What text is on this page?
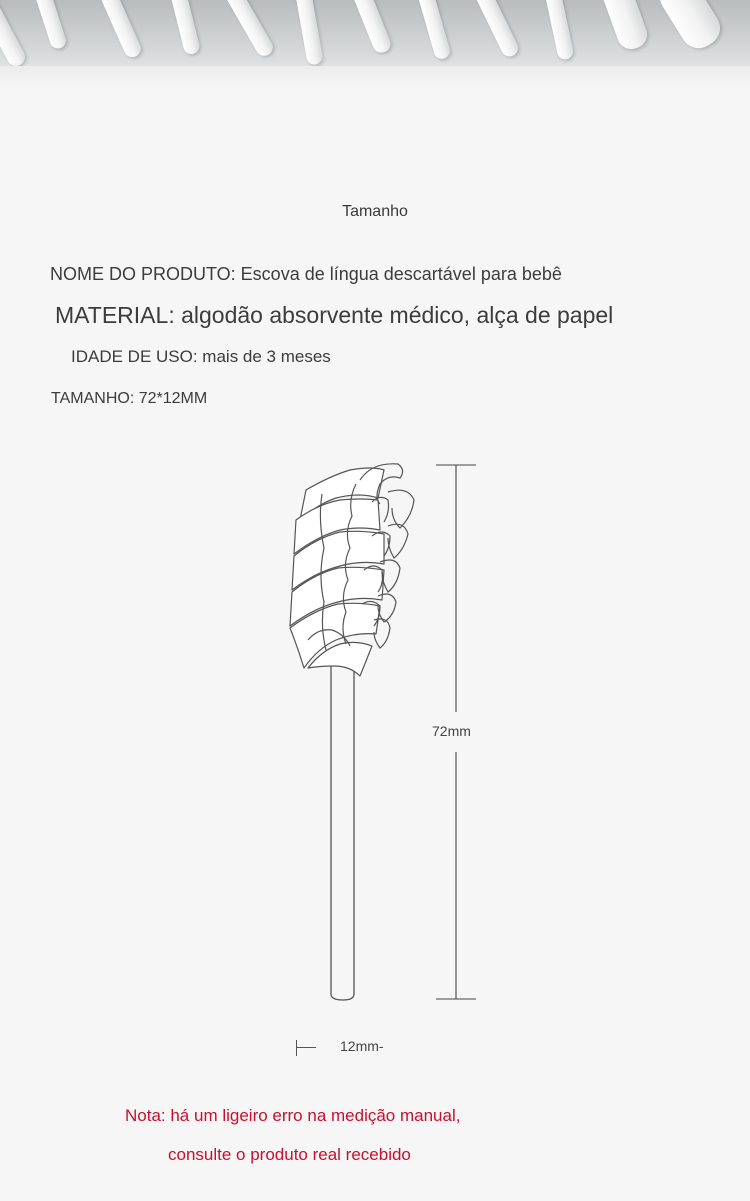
Tamanho
NOME DO PRODUTO: Escova de língua descartável para bebê
MATERIAL: algodão absorvente médico, alça de papel
IDADE DE USO: mais de 3 meses
TAMANHO: 72*12MM
72mm
12mm-
Nota: há um ligeiro erro na medição manual,
consulte o produto real recebido
